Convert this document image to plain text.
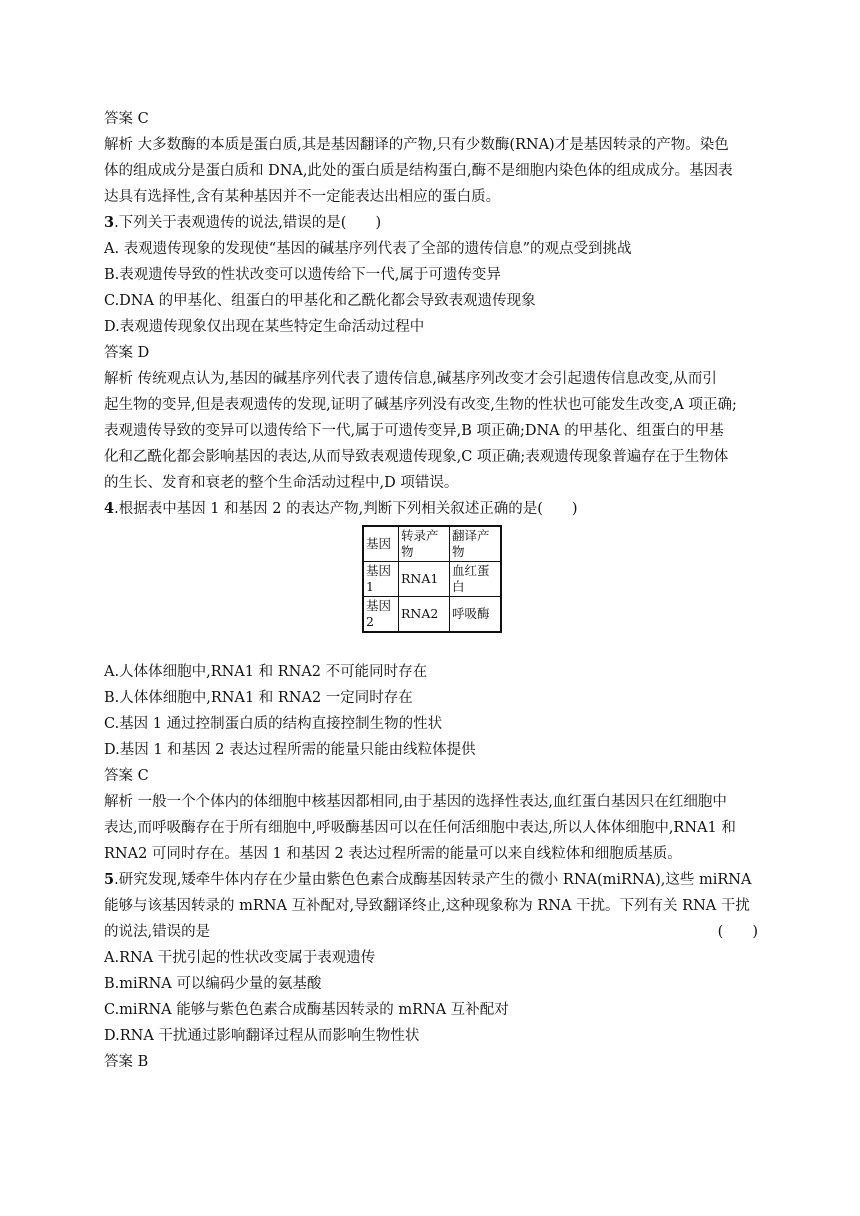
答案 C
解析 大多数酶的本质是蛋白质,其是基因翻译的产物,只有少数酶(RNA)才是基因转录的产物。染色
体的组成成分是蛋白质和 DNA,此处的蛋白质是结构蛋白,酶不是细胞内染色体的组成成分。基因表
达具有选择性,含有某种基因并不一定能表达出相应的蛋白质。
3.下列关于表观遗传的说法,错误的是(　　)
A. 表观遗传现象的发现使“基因的碱基序列代表了全部的遗传信息”的观点受到挑战
B.表观遗传导致的性状改变可以遗传给下一代,属于可遗传变异
C.DNA 的甲基化、组蛋白的甲基化和乙酰化都会导致表观遗传现象
D.表观遗传现象仅出现在某些特定生命活动过程中
答案 D
解析 传统观点认为,基因的碱基序列代表了遗传信息,碱基序列改变才会引起遗传信息改变,从而引
起生物的变异,但是表观遗传的发现,证明了碱基序列没有改变,生物的性状也可能发生改变,A 项正确;
表观遗传导致的变异可以遗传给下一代,属于可遗传变异,B 项正确;DNA 的甲基化、组蛋白的甲基
化和乙酰化都会影响基因的表达,从而导致表观遗传现象,C 项正确;表观遗传现象普遍存在于生物体
的生长、发育和衰老的整个生命活动过程中,D 项错误。
4.根据表中基因 1 和基因 2 的表达产物,判断下列相关叙述正确的是(　　)
基因	转录产物	翻译产物
基因 1	RNA1	血红蛋白
基因 2	RNA2	呼吸酶
A.人体体细胞中,RNA1 和 RNA2 不可能同时存在
B.人体体细胞中,RNA1 和 RNA2 一定同时存在
C.基因 1 通过控制蛋白质的结构直接控制生物的性状
D.基因 1 和基因 2 表达过程所需的能量只能由线粒体提供
答案 C
解析 一般一个个体内的体细胞中核基因都相同,由于基因的选择性表达,血红蛋白基因只在红细胞中
表达,而呼吸酶存在于所有细胞中,呼吸酶基因可以在任何活细胞中表达,所以人体体细胞中,RNA1 和
RNA2 可同时存在。基因 1 和基因 2 表达过程所需的能量可以来自线粒体和细胞质基质。
5.研究发现,矮牵牛体内存在少量由紫色色素合成酶基因转录产生的微小 RNA(miRNA),这些 miRNA
能够与该基因转录的 mRNA 互补配对,导致翻译终止,这种现象称为 RNA 干扰。下列有关 RNA 干扰
的说法,错误的是	(　　)
A.RNA 干扰引起的性状改变属于表观遗传
B.miRNA 可以编码少量的氨基酸
C.miRNA 能够与紫色色素合成酶基因转录的 mRNA 互补配对
D.RNA 干扰通过影响翻译过程从而影响生物性状
答案 B
